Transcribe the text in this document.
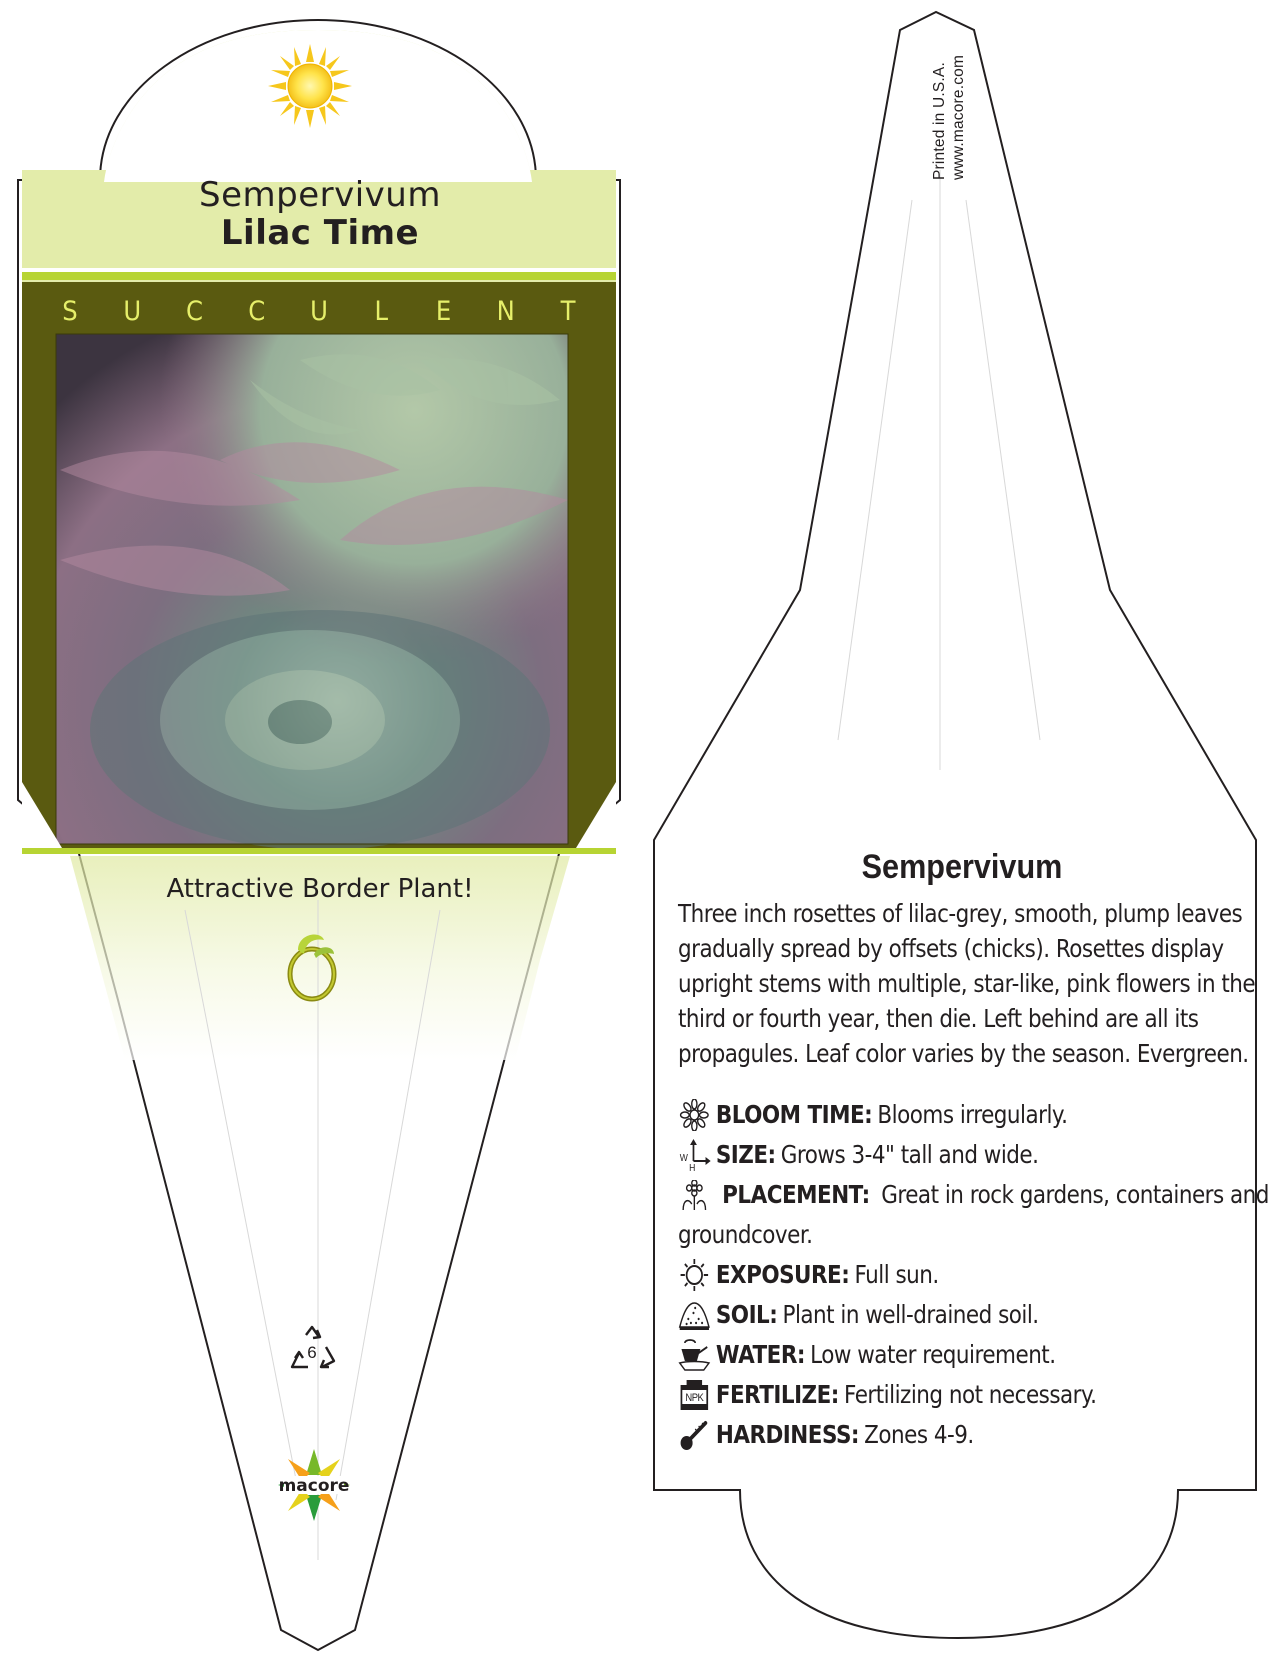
Sempervivum
Lilac Time
S U C C U L E N T
Attractive Border Plant!
6
macore
Printed in U.S.A. www.macore.com
Sempervivum
Three inch rosettes of lilac-grey, smooth, plump leaves gradually spread by offsets (chicks). Rosettes display upright stems with multiple, star-like, pink flowers in the third or fourth year, then die. Left behind are all its propagules. Leaf color varies by the season. Evergreen.
BLOOM TIME: Blooms irregularly.
W
H SIZE: Grows 3-4" tall and wide.
PLACEMENT: Great in rock gardens, containers and groundcover.
EXPOSURE: Full sun.
SOIL: Plant in well-drained soil.
WATER: Low water requirement.
NPK FERTILIZE: Fertilizing not necessary.
HARDINESS: Zones 4-9.
